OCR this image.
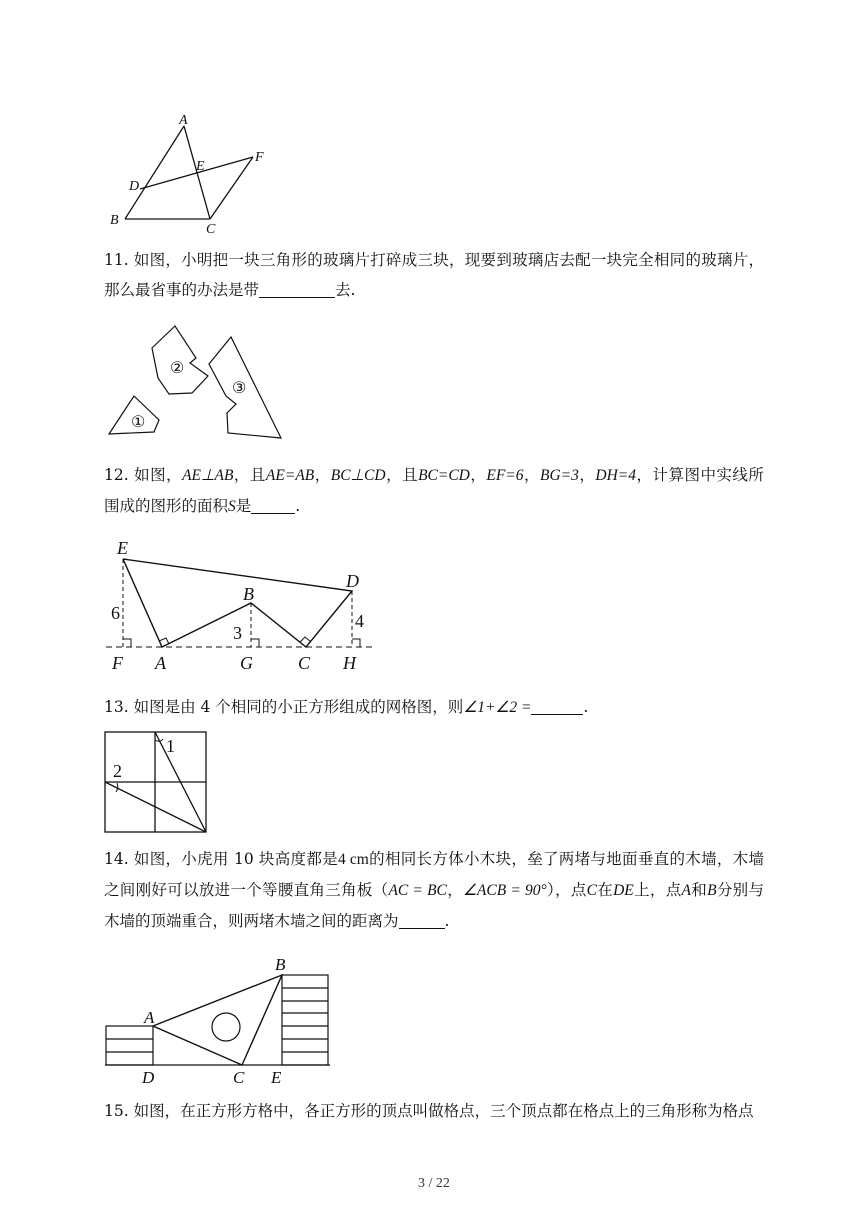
A
E
F
D
B
C
11. 如图，小明把一块三角形的玻璃片打碎成三块，现要到玻璃店去配一块完全相同的玻璃片，那么最省事的办法是带	去.
①
②
③
12. 如图，AE⊥AB，且AE=AB，BC⊥CD，且BC=CD，EF=6，BG=3，DH=4，计算图中实线所围成的图形的面积S是	.
E
D
B
F A	G	C H
6
3
4
13. 如图是由 4 个相同的小正方形组成的网格图，则∠1+∠2 =	.
1
2
14. 如图，小虎用 10 块高度都是4 cm的相同长方体小木块，垒了两堵与地面垂直的木墙，木墙之间刚好可以放进一个等腰直角三角板（AC = BC，∠ACB = 90°），点C在DE上，点A和B分别与木墙的顶端重合，则两堵木墙之间的距离为	.
A
B
D	C E
15. 如图，在正方形方格中，各正方形的顶点叫做格点，三个顶点都在格点上的三角形称为格点
3 / 22
